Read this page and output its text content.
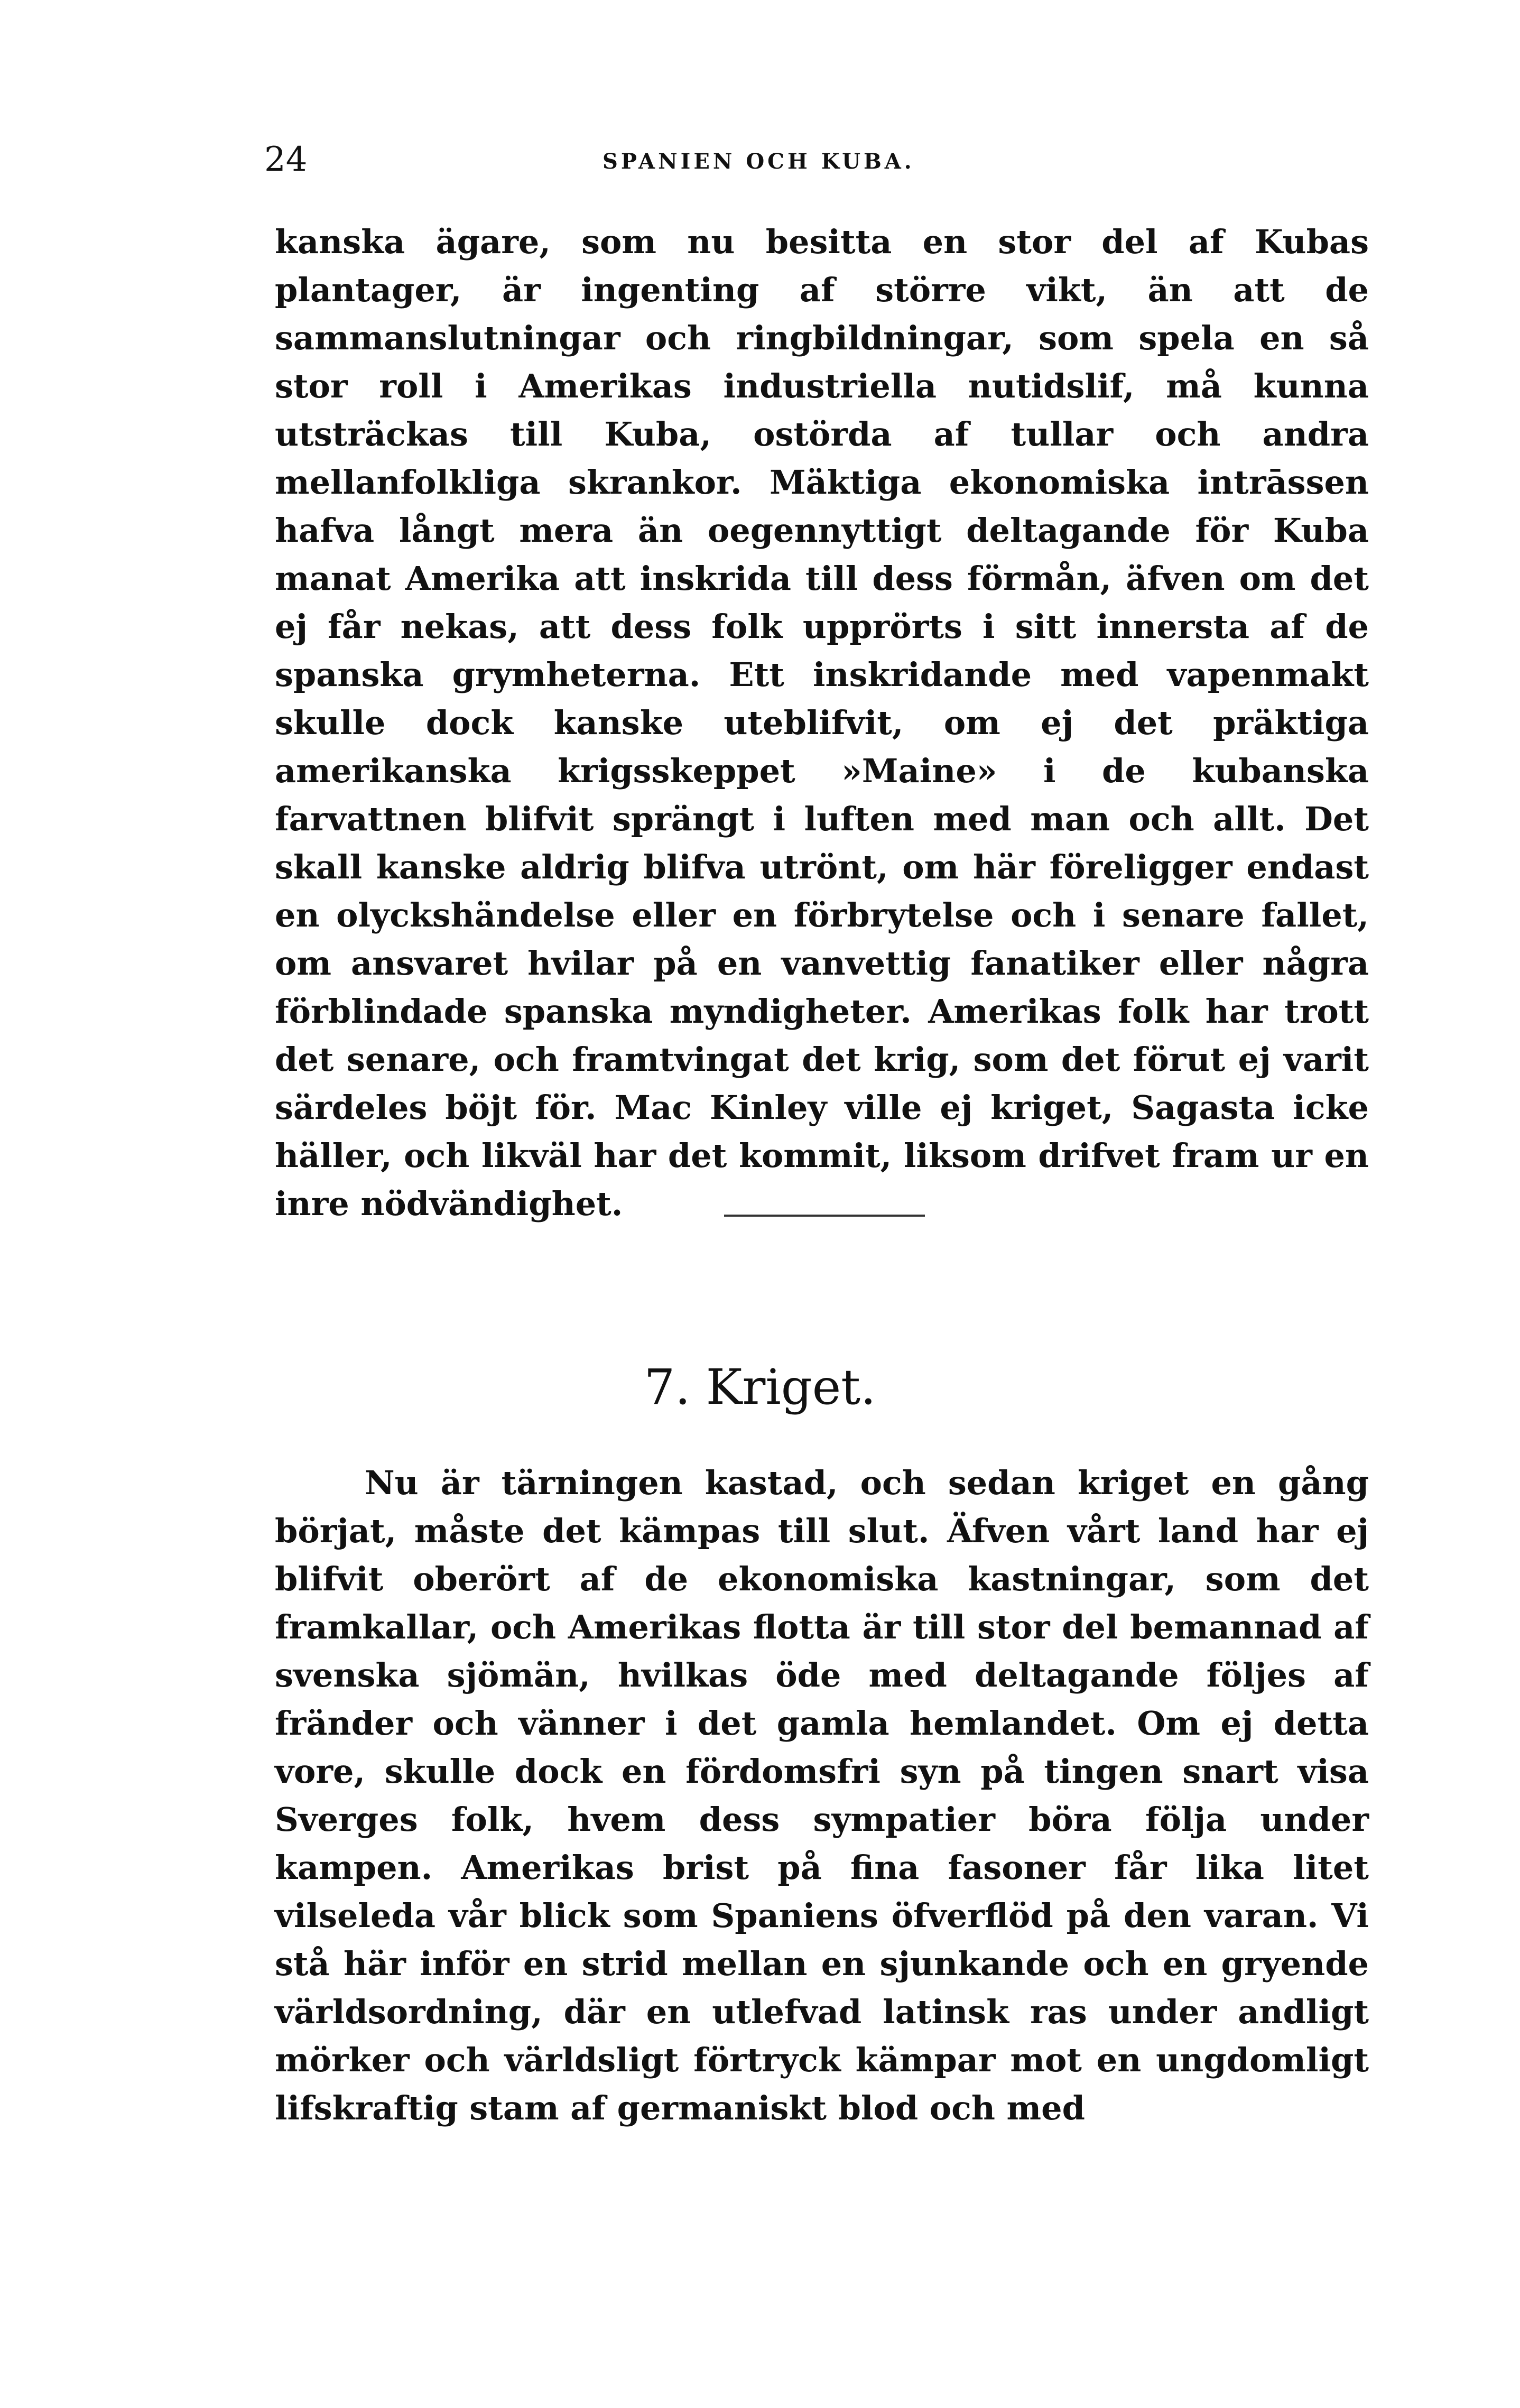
24	SPANIEN OCH KUBA.

kanska ägare, som nu besitta en stor del af Kubas plantager, är ingenting af större vikt, än att de sammanslutningar och ringbildningar, som spela en så stor roll i Amerikas industriella nutidslif, må kunna utsträckas till Kuba, ostörda af tullar och andra mellanfolkliga skrankor. Mäktiga ekonomiska intrāssen hafva långt mera än oegennyttigt deltagande för Kuba manat Amerika att inskrida till dess förmån, äfven om det ej får nekas, att dess folk upprörts i sitt innersta af de spanska grymheterna. Ett inskridande med vapenmakt skulle dock kanske uteblifvit, om ej det präktiga amerikanska krigsskeppet »Maine» i de kubanska farvattnen blifvit sprängt i luften med man och allt. Det skall kanske aldrig blifva utrönt, om här föreligger endast en olyckshändelse eller en förbrytelse och i senare fallet, om ansvaret hvilar på en vanvettig fanatiker eller några förblindade spanska myndigheter. Amerikas folk har trott det senare, och framtvingat det krig, som det förut ej varit särdeles böjt för. Mac Kinley ville ej kriget, Sagasta icke häller, och likväl har det kommit, liksom drifvet fram ur en inre nödvändighet.

7. Kriget.

Nu är tärningen kastad, och sedan kriget en gång börjat, måste det kämpas till slut. Äfven vårt land har ej blifvit oberört af de ekonomiska kastningar, som det framkallar, och Amerikas flotta är till stor del bemannad af svenska sjömän, hvilkas öde med deltagande följes af fränder och vänner i det gamla hemlandet. Om ej detta vore, skulle dock en fördomsfri syn på tingen snart visa Sverges folk, hvem dess sympatier böra följa under kampen. Amerikas brist på fina fasoner får lika litet vilseleda vår blick som Spaniens öfverflöd på den varan. Vi stå här inför en strid mellan en sjunkande och en gryende världsordning, där en utlefvad latinsk ras under andligt mörker och världsligt förtryck kämpar mot en ungdomligt lifskraftig stam af germaniskt blod och med
